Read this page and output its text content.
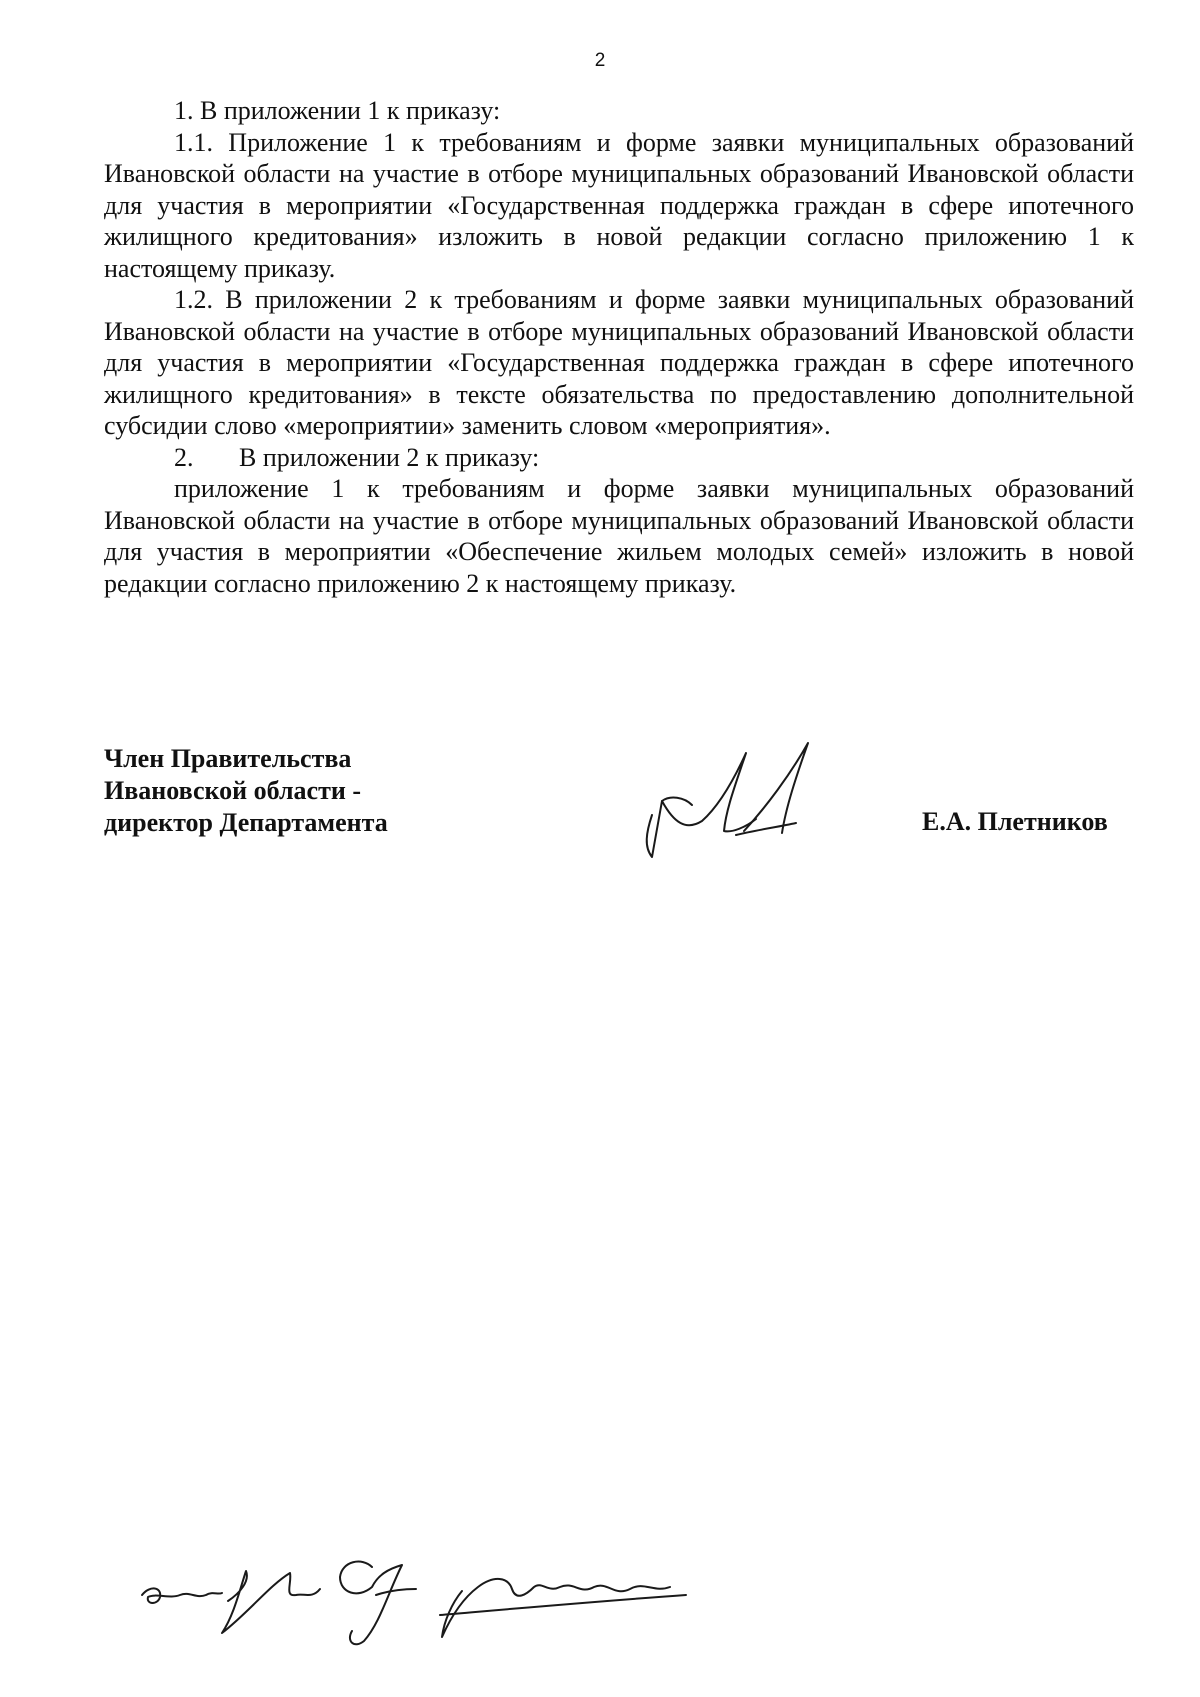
2

1. В приложении 1 к приказу:

1.1. Приложение 1 к требованиям и форме заявки муниципальных образований Ивановской области на участие в отборе муниципальных образований Ивановской области для участия в мероприятии «Государственная поддержка граждан в сфере ипотечного жилищного кредитования» изложить в новой редакции согласно приложению 1 к настоящему приказу.

1.2. В приложении 2 к требованиям и форме заявки муниципальных образований Ивановской области на участие в отборе муниципальных образований Ивановской области для участия в мероприятии «Государственная поддержка граждан в сфере ипотечного жилищного кредитования» в тексте обязательства по предоставлению дополнительной субсидии слово «мероприятии» заменить словом «мероприятия».

2. В приложении 2 к приказу:

приложение 1 к требованиям и форме заявки муниципальных образований Ивановской области на участие в отборе муниципальных образований Ивановской области для участия в мероприятии «Обеспечение жильем молодых семей» изложить в новой редакции согласно приложению 2 к настоящему приказу.

Член Правительства
Ивановской области -
директор Департамента	Е.А. Плетников
